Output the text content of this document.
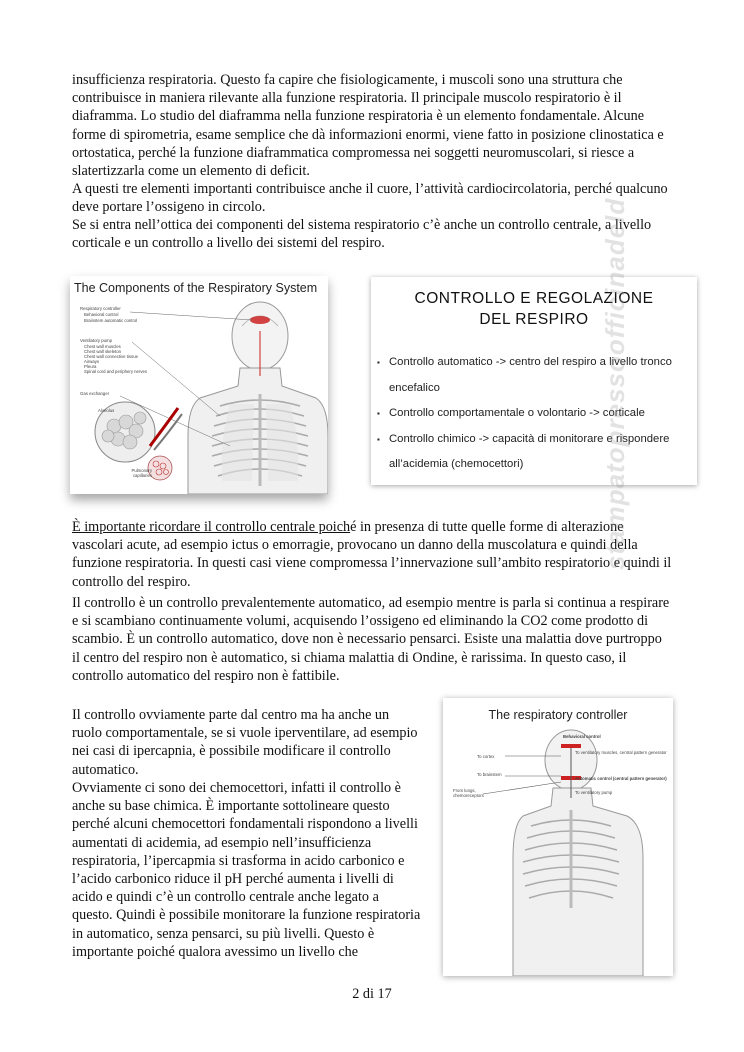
insufficienza respiratoria. Questo fa capire che fisiologicamente, i muscoli sono una struttura che contribuisce in maniera rilevante alla funzione respiratoria. Il principale muscolo respiratorio è il diaframma. Lo studio del diaframma nella funzione respiratoria è un elemento fondamentale. Alcune forme di spirometria, esame semplice che dà informazioni enormi, viene fatto in posizione clinostatica e ortostatica, perché la funzione diaframmatica compromessa nei soggetti neuromuscolari, si riesce a slatertizzarla come un elemento di deficit.

A questi tre elementi importanti contribuisce anche il cuore, l’attività cardiocircolatoria, perché qualcuno deve portare l’ossigeno in circolo.

Se si entra nell’ottica dei componenti del sistema respiratorio c’è anche un controllo centrale, a livello corticale e un controllo a livello dei sistemi del respiro.

The Components of the Respiratory System
Respiratory controller
Behavioral control
Brainstem automatic control
Ventilatory pump
Chest wall muscles
Chest wall skeleton
Chest wall connective tissue
Airways
Pleura
Spinal cord and periphery nerves
Gas exchanger
Alveolus
Pulmonary capillaries
CONTROLLO E REGOLAZIONE
DEL RESPIRO
▪ Controllo automatico -> centro del respiro a livello tronco encefalico
▪ Controllo comportamentale o volontario -> corticale
▪ Controllo chimico -> capacità di monitorare e rispondere all’acidemia (chemocettori)

È importante ricordare il controllo centrale poiché in presenza di tutte quelle forme di alterazione vascolari acute, ad esempio ictus o emorragie, provocano un danno della muscolatura e quindi della funzione respiratoria. In questi casi viene compromessa l’innervazione sull’ambito respiratorio e quindi il controllo del respiro.

Il controllo è un controllo prevalentemente automatico, ad esempio mentre is parla si continua a respirare e si scambiano continuamente volumi, acquisendo l’ossigeno ed eliminando la CO2 come prodotto di scambio. È un controllo automatico, dove non è necessario pensarci. Esiste una malattia dove purtroppo il centro del respiro non è automatico, si chiama malattia di Ondine, è rarissima. In questo caso, il controllo automatico del respiro non è fattibile.

Il controllo ovviamente parte dal centro ma ha anche un ruolo comportamentale, se si vuole iperventilare, ad esempio nei casi di ipercapnia, è possibile modificare il controllo automatico.

Ovviamente ci sono dei chemocettori, infatti il controllo è anche su base chimica. È importante sottolineare questo perché alcuni chemocettori fondamentali rispondono a livelli aumentati di acidemia, ad esempio nell’insufficienza respiratoria, l’ipercapmia si trasforma in acido carbonico e l’acido carbonico riduce il pH perché aumenta i livelli di acido e quindi c’è un controllo centrale anche legato a questo. Quindi è possibile monitorare la funzione respiratoria in automatico, senza pensarci, su più livelli. Questo è importante poiché qualora avessimo un livello che

The respiratory controller
Behavioral control
To cortex
To ventilatory muscles, central pattern generator
To brainstem
Automatic control (central pattern generator)
From lungs, chemoreceptors
To ventilatory pump
stampatopressoofficinadeld
2 di 17
